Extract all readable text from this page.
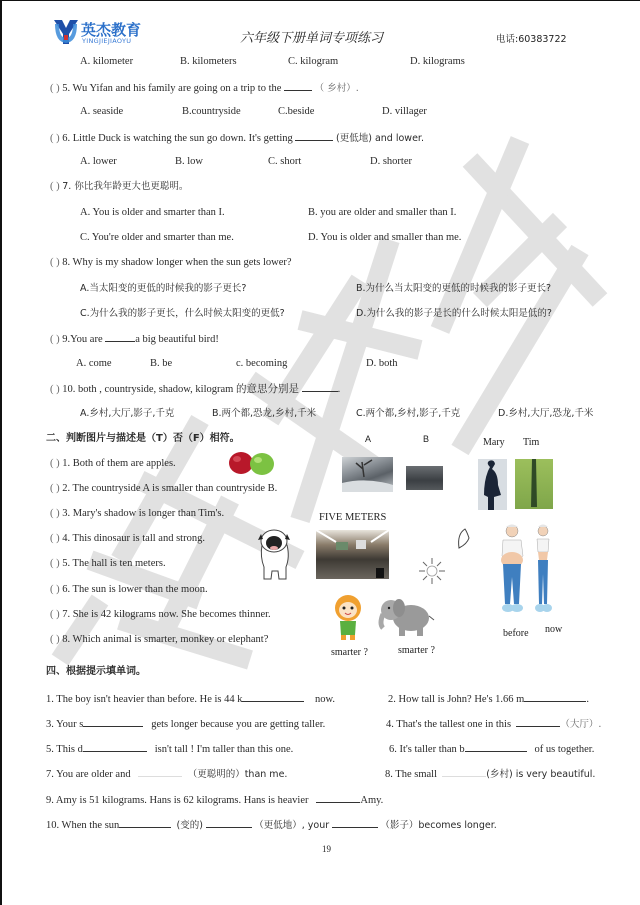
英杰教育
YINGJIEJIAOYU	六年级下册单词专项练习	电话:60383722
A. kilometer	B. kilometers	C. kilogram	D. kilograms
( ) 5. Wu Yifan and his family are going on a trip to the	（ 乡村）.
A. seaside	B.countryside	C.beside	D. villager
( ) 6. Little Duck is watching the sun go down. It's getting	(更低地) and lower.
A. lower	B. low	C. short	D. shorter
( ) 7. 你比我年龄更大也更聪明。
A. You is older and smarter than I.	B. you are older and smaller than I.
C. You're older and smarter than me.	D. You is older and smaller than me.
( ) 8. Why is my shadow longer when the sun gets lower?
A.当太阳变的更低的时候我的影子更长?	B.为什么当太阳变的更低的时候我的影子更长?
C.为什么我的影子更长，什么时候太阳变的更低?	D.为什么我的影子是长的什么时候太阳是低的?
( ) 9.You are	a big beautiful bird!
A. come	B. be	c. becoming	D. both
( ) 10. both , countryside, shadow, kilogram 的意思分别是	.
A.乡村,大厅,影子,千克	B.两个都,恐龙,乡村,千米	C.两个都,乡村,影子,千克	D.乡村,大厅,恐龙,千米
二、判断图片与描述是（T）否（F）相符。
( ) 1. Both of them are apples.
( ) 2. The countryside A is smaller than countryside B.
( ) 3. Mary's shadow is longer than Tim's.
( ) 4. This dinosaur is tall and strong.
( ) 5. The hall is ten meters.
( ) 6. The sun is lower than the moon.
( ) 7. She is 42 kilograms now. She becomes thinner.
( ) 8. Which animal is smarter, monkey or elephant?
A	B	Mary Tim
FIVE METERS
before now
smarter ?	smarter ?
四、根据提示填单词。
1. The boy isn't heavier than before. He is 44 k	now.	2. How tall is John? He's 1.66 m	.
3. Your s	gets longer because you are getting taller.	4. That's the tallest one in this	（大厅）.
5. This d	isn't tall ! I'm taller than this one.	6. It's taller than b	of us together.
7. You are older and	（更聪明的）than me.	8. The small	(乡村) is very beautiful.
9. Amy is 51 kilograms. Hans is 62 kilograms. Hans is heavier	Amy.
10. When the sun	(变的)	（更低地）, your	（影子）becomes longer.
19
